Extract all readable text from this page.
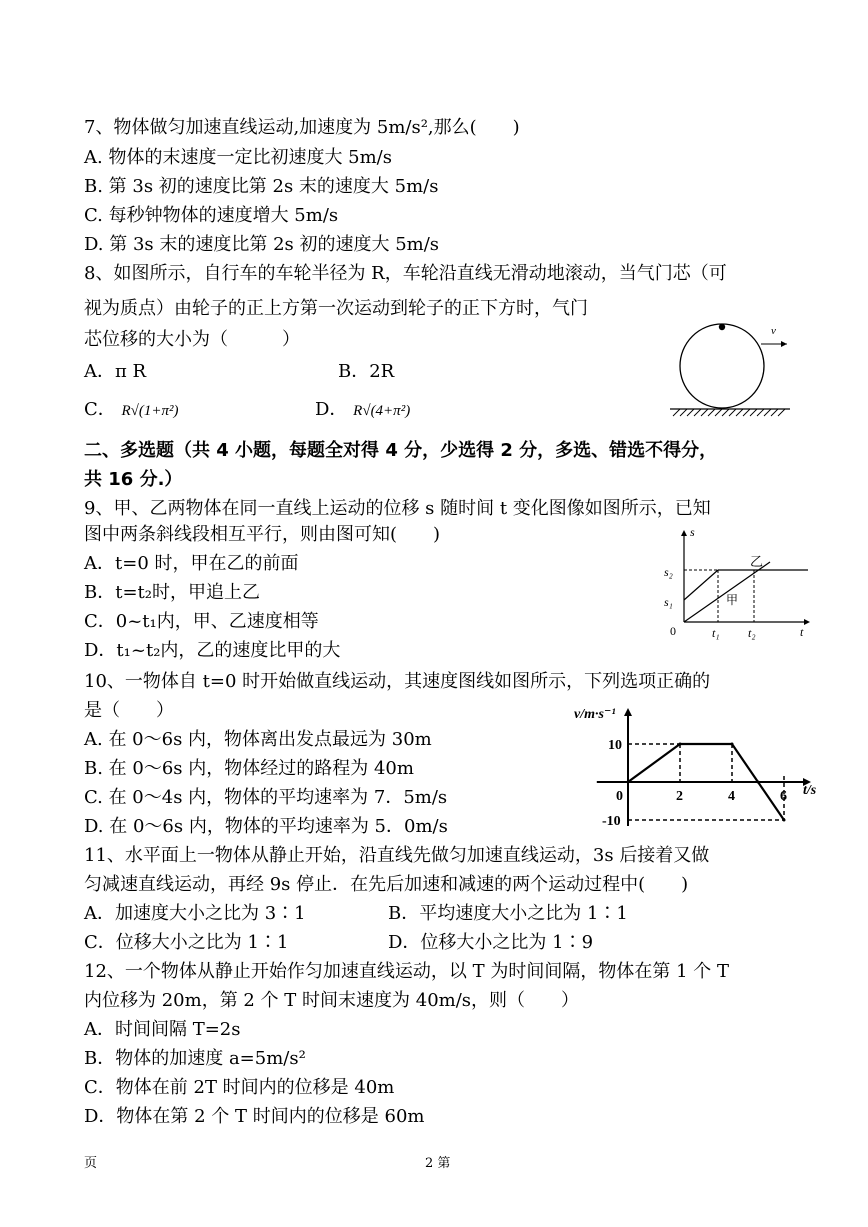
7、物体做匀加速直线运动,加速度为 5m/s²,那么(　　)
A. 物体的末速度一定比初速度大 5m/s
B. 第 3s 初的速度比第 2s 末的速度大 5m/s
C. 每秒钟物体的速度增大 5m/s
D. 第 3s 末的速度比第 2s 初的速度大 5m/s
8、如图所示，自行车的车轮半径为 R，车轮沿直线无滑动地滚动，当气门芯（可
视为质点）由轮子的正上方第一次运动到轮子的正下方时，气门
芯位移的大小为（　　　）
A．π R	B．2R
C． R√(1+π²)	D． R√(4+π²)
v
二、多选题（共 4 小题，每题全对得 4 分，少选得 2 分，多选、错选不得分，
共 16 分.）
9、甲、乙两物体在同一直线上运动的位移 s 随时间 t 变化图像如图所示，已知
图中两条斜线段相互平行，则由图可知(　　)
A．t=0 时，甲在乙的前面
B．t=t₂时，甲追上乙
C．0~t₁内，甲、乙速度相等
D．t₁~t₂内，乙的速度比甲的大
s
t
0
s₂
s₁
t₁ t₂
乙
甲
10、一物体自 t=0 时开始做直线运动，其速度图线如图所示，下列选项正确的
是（　　）
A. 在 0～6s 内，物体离出发点最远为 30m
B. 在 0～6s 内，物体经过的路程为 40m
C. 在 0～4s 内，物体的平均速率为 7．5m/s
D. 在 0～6s 内，物体的平均速率为 5．0m/s
v/m·s⁻¹
t/s
10
-10
0	2	4	6
11、水平面上一物体从静止开始，沿直线先做匀加速直线运动，3s 后接着又做
匀减速直线运动，再经 9s 停止．在先后加速和减速的两个运动过程中(　　)
A．加速度大小之比为 3∶1	B．平均速度大小之比为 1∶1
C．位移大小之比为 1∶1	D．位移大小之比为 1∶9
12、一个物体从静止开始作匀加速直线运动，以 T 为时间间隔，物体在第 1 个 T
内位移为 20m，第 2 个 T 时间末速度为 40m/s，则（　　）
A．时间间隔 T=2s
B．物体的加速度 a=5m/s²
C．物体在前 2T 时间内的位移是 40m
D．物体在第 2 个 T 时间内的位移是 60m
页	2 第
